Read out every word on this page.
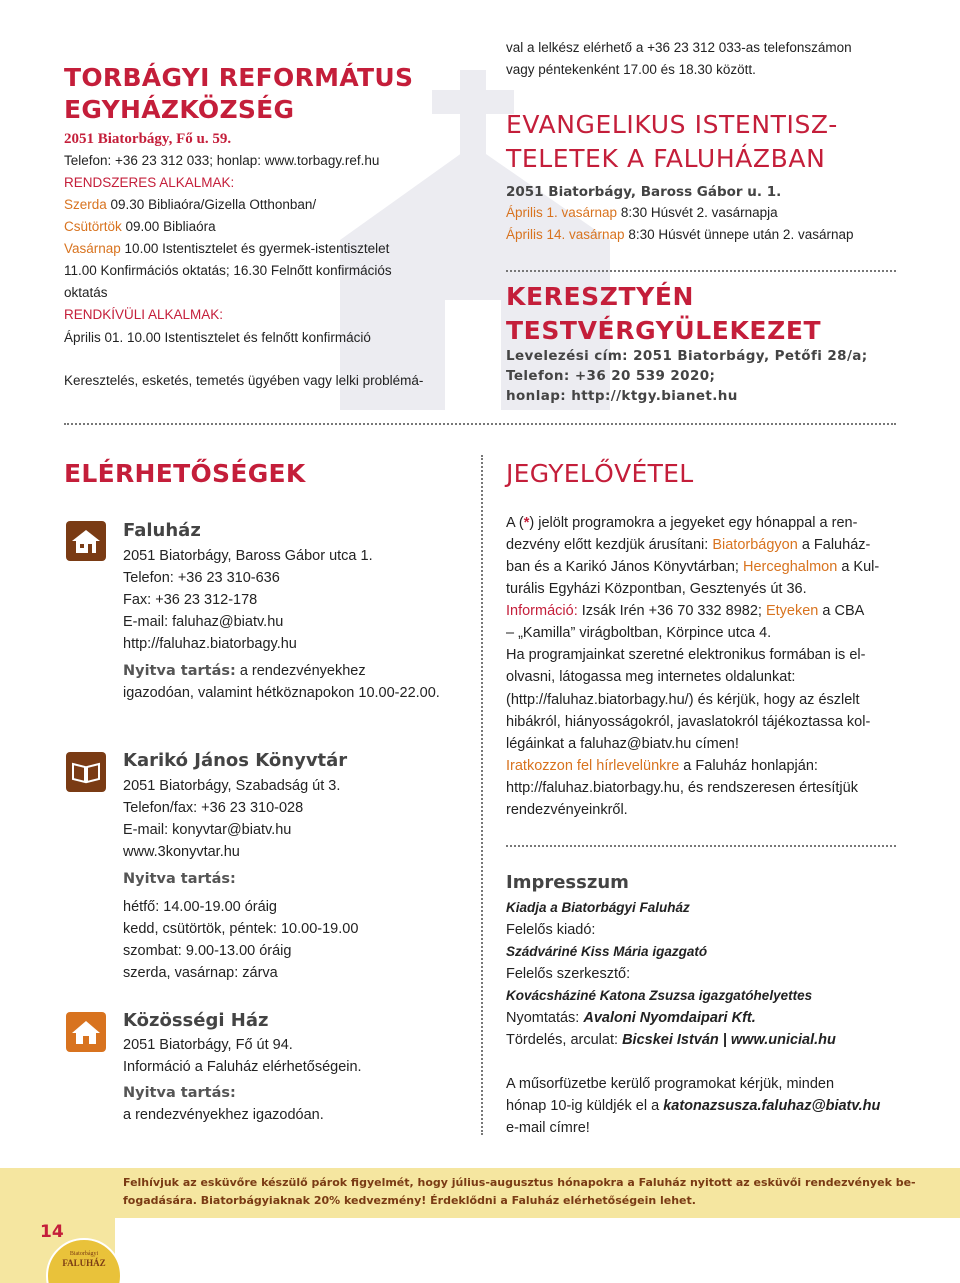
TORBÁGYI REFORMÁTUS
EGYHÁZKÖZSÉG
2051 Biatorbágy, Fő u. 59.
Telefon: +36 23 312 033; honlap: www.torbagy.ref.hu
RENDSZERES ALKALMAK:
Szerda 09.30 Bibliaóra/Gizella Otthonban/
Csütörtök 09.00 Bibliaóra
Vasárnap 10.00 Istentisztelet és gyermek-istentisztelet
11.00 Konfirmációs oktatás; 16.30 Felnőtt konfirmációs
oktatás
RENDKÍVÜLI ALKALMAK:
Április 01. 10.00 Istentisztelet és felnőtt konfirmáció
Keresztelés, esketés, temetés ügyében vagy lelki problémá-
val a lelkész elérhető a +36 23 312 033-as telefonszámon
vagy péntekenként 17.00 és 18.30 között.
EVANGELIKUS ISTENTISZ-
TELETEK A FALUHÁZBAN
2051 Biatorbágy, Baross Gábor u. 1.
Április 1. vasárnap 8:30 Húsvét 2. vasárnapja
Április 14. vasárnap 8:30 Húsvét ünnepe után 2. vasárnap
KERESZTYÉN
TESTVÉRGYÜLEKEZET
Levelezési cím: 2051 Biatorbágy, Petőfi 28/a;
Telefon: +36 20 539 2020;
honlap: http://ktgy.bianet.hu
ELÉRHETŐSÉGEK
Faluház
2051 Biatorbágy, Baross Gábor utca 1.
Telefon: +36 23 310-636
Fax: +36 23 312-178
E-mail: faluhaz@biatv.hu
http://faluhaz.biatorbagy.hu
Nyitva tartás: a rendezvényekhez
igazodóan, valamint hétköznapokon 10.00-22.00.
Karikó János Könyvtár
2051 Biatorbágy, Szabadság út 3.
Telefon/fax: +36 23 310-028
E-mail: konyvtar@biatv.hu
www.3konyvtar.hu
Nyitva tartás:
hétfő: 14.00-19.00 óráig
kedd, csütörtök, péntek: 10.00-19.00
szombat: 9.00-13.00 óráig
szerda, vasárnap: zárva
Közösségi Ház
2051 Biatorbágy, Fő út 94.
Információ a Faluház elérhetőségein.
Nyitva tartás:
a rendezvényekhez igazodóan.
JEGYELŐVÉTEL
A (*) jelölt programokra a jegyeket egy hónappal a ren-
dezvény előtt kezdjük árusítani: Biatorbágyon a Faluház-
ban és a Karikó János Könyvtárban; Herceghalmon a Kul-
turális Egyházi Központban, Gesztenyés út 36.
Információ: Izsák Irén +36 70 332 8982; Etyeken a CBA
– „Kamilla” virágboltban, Körpince utca 4.
Ha programjainkat szeretné elektronikus formában is el-
olvasni, látogassa meg internetes oldalunkat:
(http://faluhaz.biatorbagy.hu/) és kérjük, hogy az észlelt
hibákról, hiányosságokról, javaslatokról tájékoztassa kol-
légáinkat a faluhaz@biatv.hu címen!
Iratkozzon fel hírlevelünkre a Faluház honlapján:
http://faluhaz.biatorbagy.hu, és rendszeresen értesítjük
rendezvényeinkről.
Impresszum
Kiadja a Biatorbágyi Faluház
Felelős kiadó:
Szádváriné Kiss Mária igazgató
Felelős szerkesztő:
Kovácsháziné Katona Zsuzsa igazgatóhelyettes
Nyomtatás: Avaloni Nyomdaipari Kft.
Tördelés, arculat: Bicskei István | www.unicial.hu
A műsorfüzetbe kerülő programokat kérjük, minden
hónap 10-ig küldjék el a katonazsusza.faluhaz@biatv.hu
e-mail címre!
Felhívjuk az esküvőre készülő párok figyelmét, hogy július-augusztus hónapokra a Faluház nyitott az esküvői rendezvények be-
fogadására. Biatorbágyiaknak 20% kedvezmény! Érdeklődni a Faluház elérhetőségein lehet.
14
Biatorbágyi
FALUHÁZ
